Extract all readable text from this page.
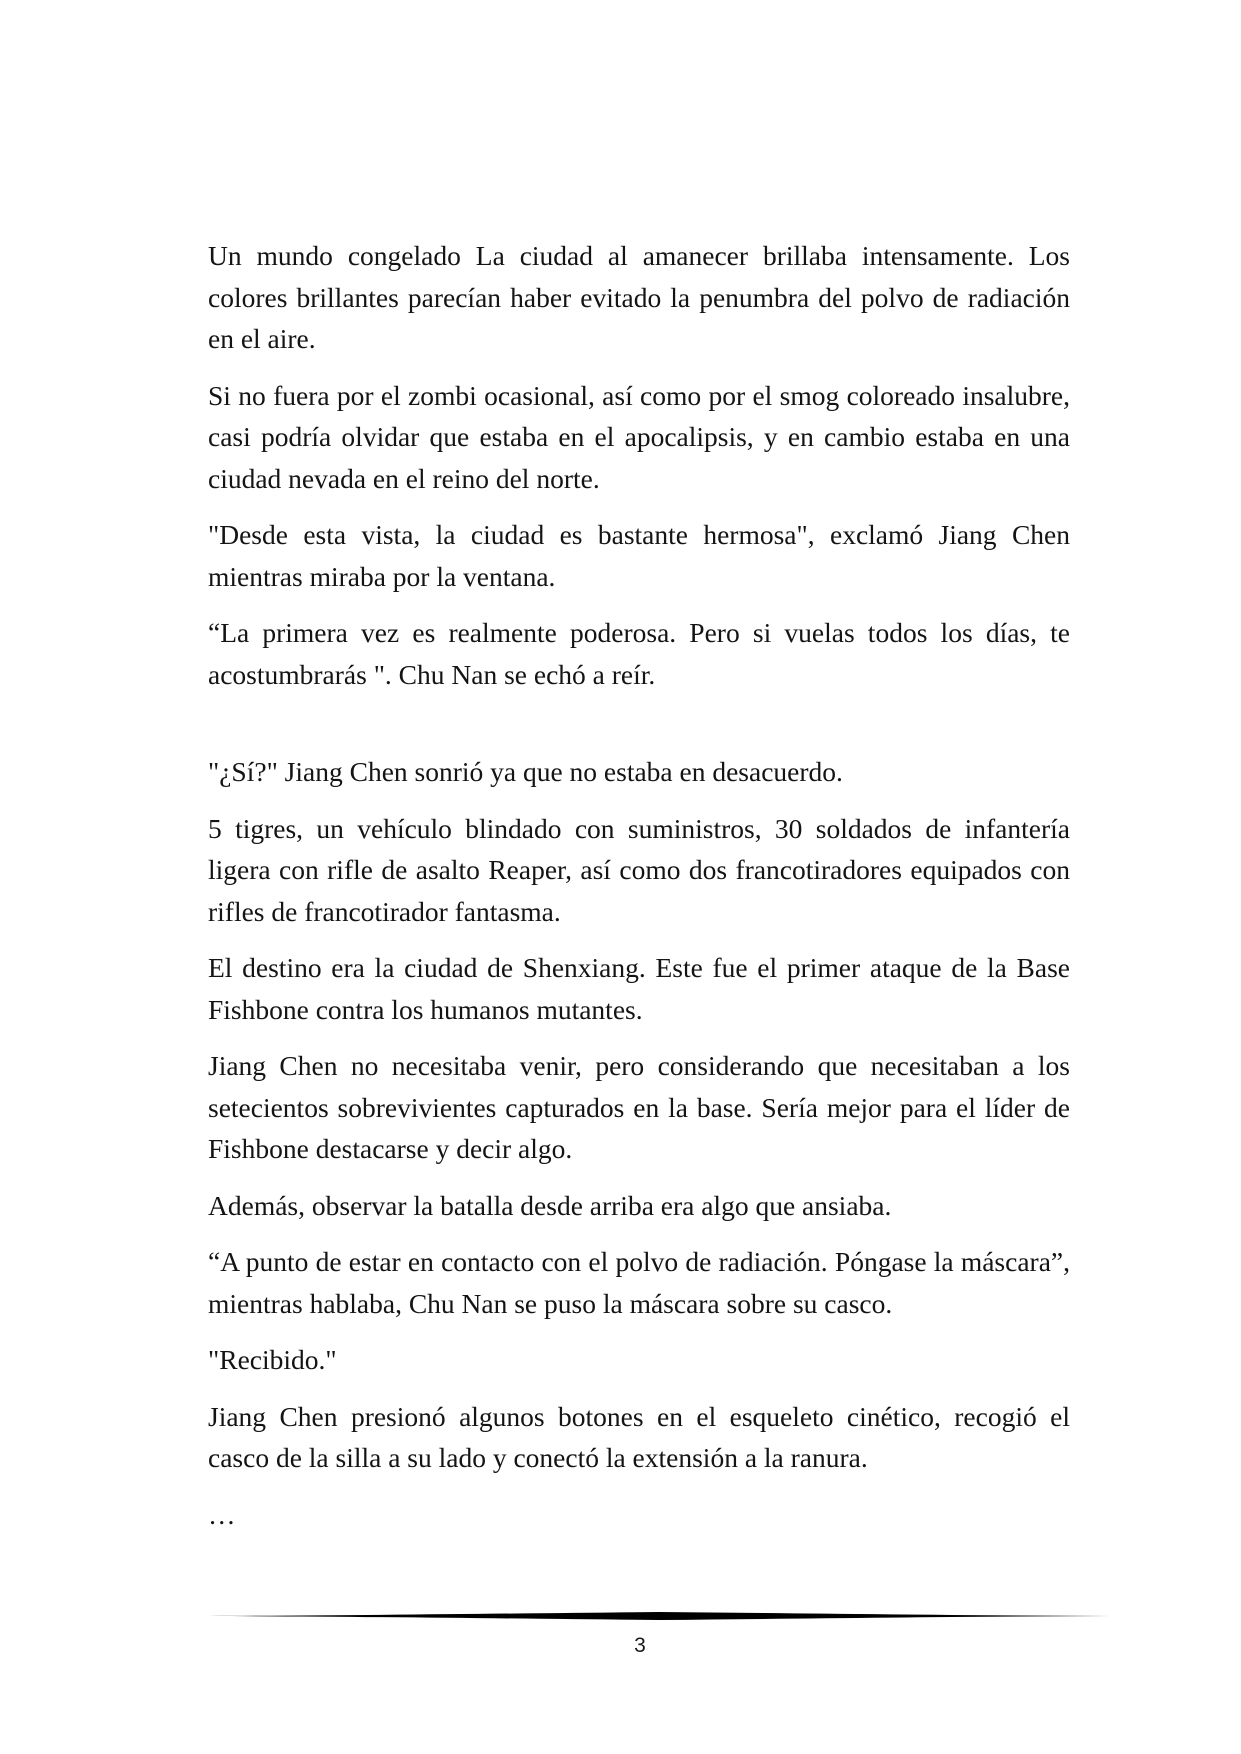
Un mundo congelado La ciudad al amanecer brillaba intensamente. Los colores brillantes parecían haber evitado la penumbra del polvo de radiación en el aire.

Si no fuera por el zombi ocasional, así como por el smog coloreado insalubre, casi podría olvidar que estaba en el apocalipsis, y en cambio estaba en una ciudad nevada en el reino del norte.

"Desde esta vista, la ciudad es bastante hermosa", exclamó Jiang Chen mientras miraba por la ventana.

“La primera vez es realmente poderosa. Pero si vuelas todos los días, te acostumbrarás ". Chu Nan se echó a reír.

"¿Sí?" Jiang Chen sonrió ya que no estaba en desacuerdo.

5 tigres, un vehículo blindado con suministros, 30 soldados de infantería ligera con rifle de asalto Reaper, así como dos francotiradores equipados con rifles de francotirador fantasma.

El destino era la ciudad de Shenxiang. Este fue el primer ataque de la Base Fishbone contra los humanos mutantes.

Jiang Chen no necesitaba venir, pero considerando que necesitaban a los setecientos sobrevivientes capturados en la base. Sería mejor para el líder de Fishbone destacarse y decir algo.

Además, observar la batalla desde arriba era algo que ansiaba.

“A punto de estar en contacto con el polvo de radiación. Póngase la máscara”, mientras hablaba, Chu Nan se puso la máscara sobre su casco.

"Recibido."

Jiang Chen presionó algunos botones en el esqueleto cinético, recogió el casco de la silla a su lado y conectó la extensión a la ranura.

…

3
